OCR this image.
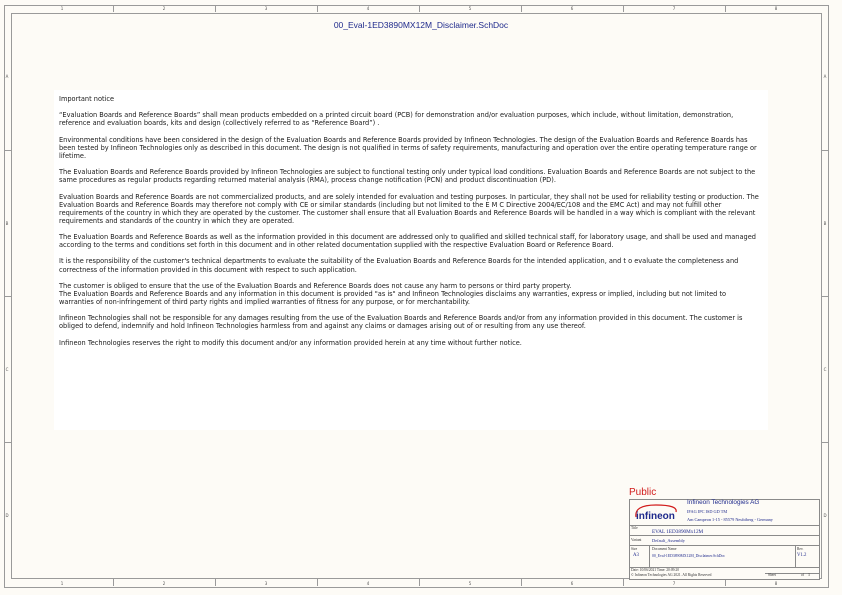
1	2	3	4	5	6	7	8
1	2	3	4	5	6	7	8
A
B
C
D
A
B
C
D
00_Eval-1ED3890MX12M_Disclaimer.SchDoc

Important notice

“Evaluation Boards and Reference Boards” shall mean products embedded on a printed circuit board (PCB) for demonstration and/or evaluation purposes, which include, without limitation, demonstration, reference and evaluation boards, kits and design (collectively referred to as “Reference Board”) .

Environmental conditions have been considered in the design of the Evaluation Boards and Reference Boards provided by Infineon Technologies. The design of the Evaluation Boards and Reference Boards has been tested by Infineon Technologies only as described in this document. The design is not qualified in terms of safety requirements, manufacturing and operation over the entire operating temperature range or lifetime.

The Evaluation Boards and Reference Boards provided by Infineon Technologies are subject to functional testing only under typical load conditions. Evaluation Boards and Reference Boards are not subject to the same procedures as regular products regarding returned material analysis (RMA), process change notification (PCN) and product discontinuation (PD).

Evaluation Boards and Reference Boards are not commercialized products, and are solely intended for evaluation and testing purposes. In particular, they shall not be used for reliability testing or production. The Evaluation Boards and Reference Boards may therefore not comply with CE or similar standards (including but not limited to the E M C Directive 2004/EC/108 and the EMC Act) and may not fulfill other requirements of the country in which they are operated by the customer. The customer shall ensure that all Evaluation Boards and Reference Boards will be handled in a way which is compliant with the relevant requirements and standards of the country in which they are operated.

The Evaluation Boards and Reference Boards as well as the information provided in this document are addressed only to qualified and skilled technical staff, for laboratory usage, and shall be used and managed according to the terms and conditions set forth in this document and in other related documentation supplied with the respective Evaluation Board or Reference Board.

It is the responsibility of the customer's technical departments to evaluate the suitability of the Evaluation Boards and Reference Boards for the intended application, and t o evaluate the completeness and correctness of the information provided in this document with respect to such application.

The customer is obliged to ensure that the use of the Evaluation Boards and Reference Boards does not cause any harm to persons or third party property.
The Evaluation Boards and Reference Boards and any information in this document is provided "as is" and Infineon Technologies disclaims any warranties, express or implied, including but not limited to warranties of non-infringement of third party rights and implied warranties of fitness for any purpose, or for merchantability.

Infineon Technologies shall not be responsible for any damages resulting from the use of the Evaluation Boards and Reference Boards and/or from any information provided in this document. The customer is obliged to defend, indemnify and hold Infineon Technologies harmless from and against any claims or damages arising out of or resulting from any use thereof.

Infineon Technologies reserves the right to modify this document and/or any information provided herein at any time without further notice.

Public
infineon
Infineon Technologies AG
IFAG IPC ISD GD TM
Am Campeon 1-15 - 85579 Neubiberg - Germany
Title
EVAL 1ED3890Mx12M
Variant Default_Assembly
Size
A3
Document Name
00_Eval-1ED3890MX12M_Disclaimer.SchDoc
Rev.
V1.2
Date: 10/06/2021 Time: 20:09:20
© Infineon Technologies AG 2021. All Rights Reserved	Sheet	of 3
